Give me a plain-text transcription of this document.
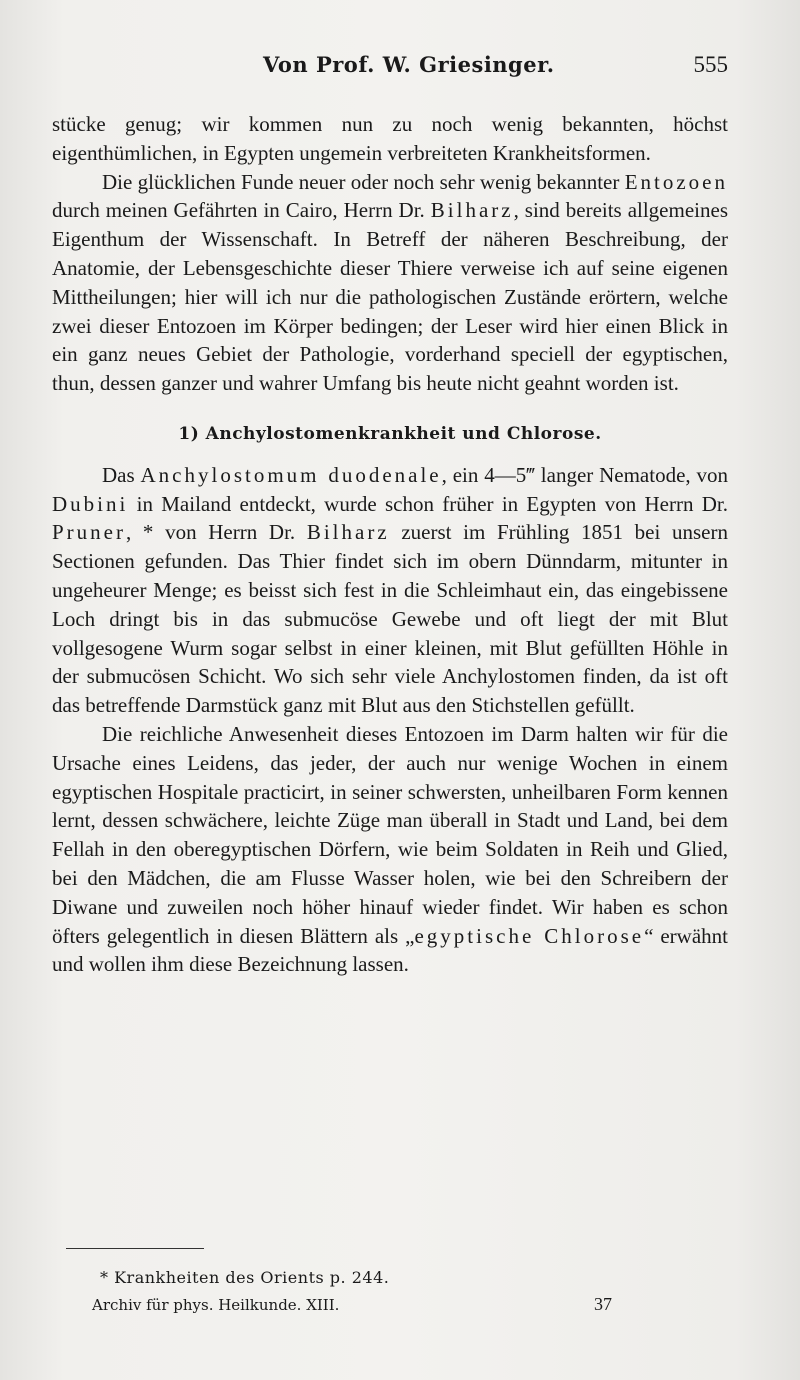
Von Prof. W. Griesinger.	555

stücke genug; wir kommen nun zu noch wenig bekannten, höchst eigenthümlichen, in Egypten ungemein verbreiteten Krankheitsformen.

Die glücklichen Funde neuer oder noch sehr wenig bekannter Entozoen durch meinen Gefährten in Cairo, Herrn Dr. Bilharz, sind bereits allgemeines Eigenthum der Wissenschaft. In Betreff der näheren Beschreibung, der Anatomie, der Lebensgeschichte dieser Thiere verweise ich auf seine eigenen Mittheilungen; hier will ich nur die pathologischen Zustände erörtern, welche zwei dieser Entozoen im Körper bedingen; der Leser wird hier einen Blick in ein ganz neues Gebiet der Pathologie, vorderhand speciell der egyptischen, thun, dessen ganzer und wahrer Umfang bis heute nicht geahnt worden ist.

1) Anchylostomenkrankheit und Chlorose.

Das Anchylostomum duodenale, ein 4—5‴ langer Nematode, von Dubini in Mailand entdeckt, wurde schon früher in Egypten von Herrn Dr. Pruner, * von Herrn Dr. Bilharz zuerst im Frühling 1851 bei unsern Sectionen gefunden. Das Thier findet sich im obern Dünndarm, mitunter in ungeheurer Menge; es beisst sich fest in die Schleimhaut ein, das eingebissene Loch dringt bis in das submucöse Gewebe und oft liegt der mit Blut vollgesogene Wurm sogar selbst in einer kleinen, mit Blut gefüllten Höhle in der submucösen Schicht. Wo sich sehr viele Anchylostomen finden, da ist oft das betreffende Darmstück ganz mit Blut aus den Stichstellen gefüllt.

Die reichliche Anwesenheit dieses Entozoen im Darm halten wir für die Ursache eines Leidens, das jeder, der auch nur wenige Wochen in einem egyptischen Hospitale practicirt, in seiner schwersten, unheilbaren Form kennen lernt, dessen schwächere, leichte Züge man überall in Stadt und Land, bei dem Fellah in den oberegyptischen Dörfern, wie beim Soldaten in Reih und Glied, bei den Mädchen, die am Flusse Wasser holen, wie bei den Schreibern der Diwane und zuweilen noch höher hinauf wieder findet. Wir haben es schon öfters gelegentlich in diesen Blättern als „egyptische Chlorose“ erwähnt und wollen ihm diese Bezeichnung lassen.

* Krankheiten des Orients p. 244.
Archiv für phys. Heilkunde. XIII.	37
